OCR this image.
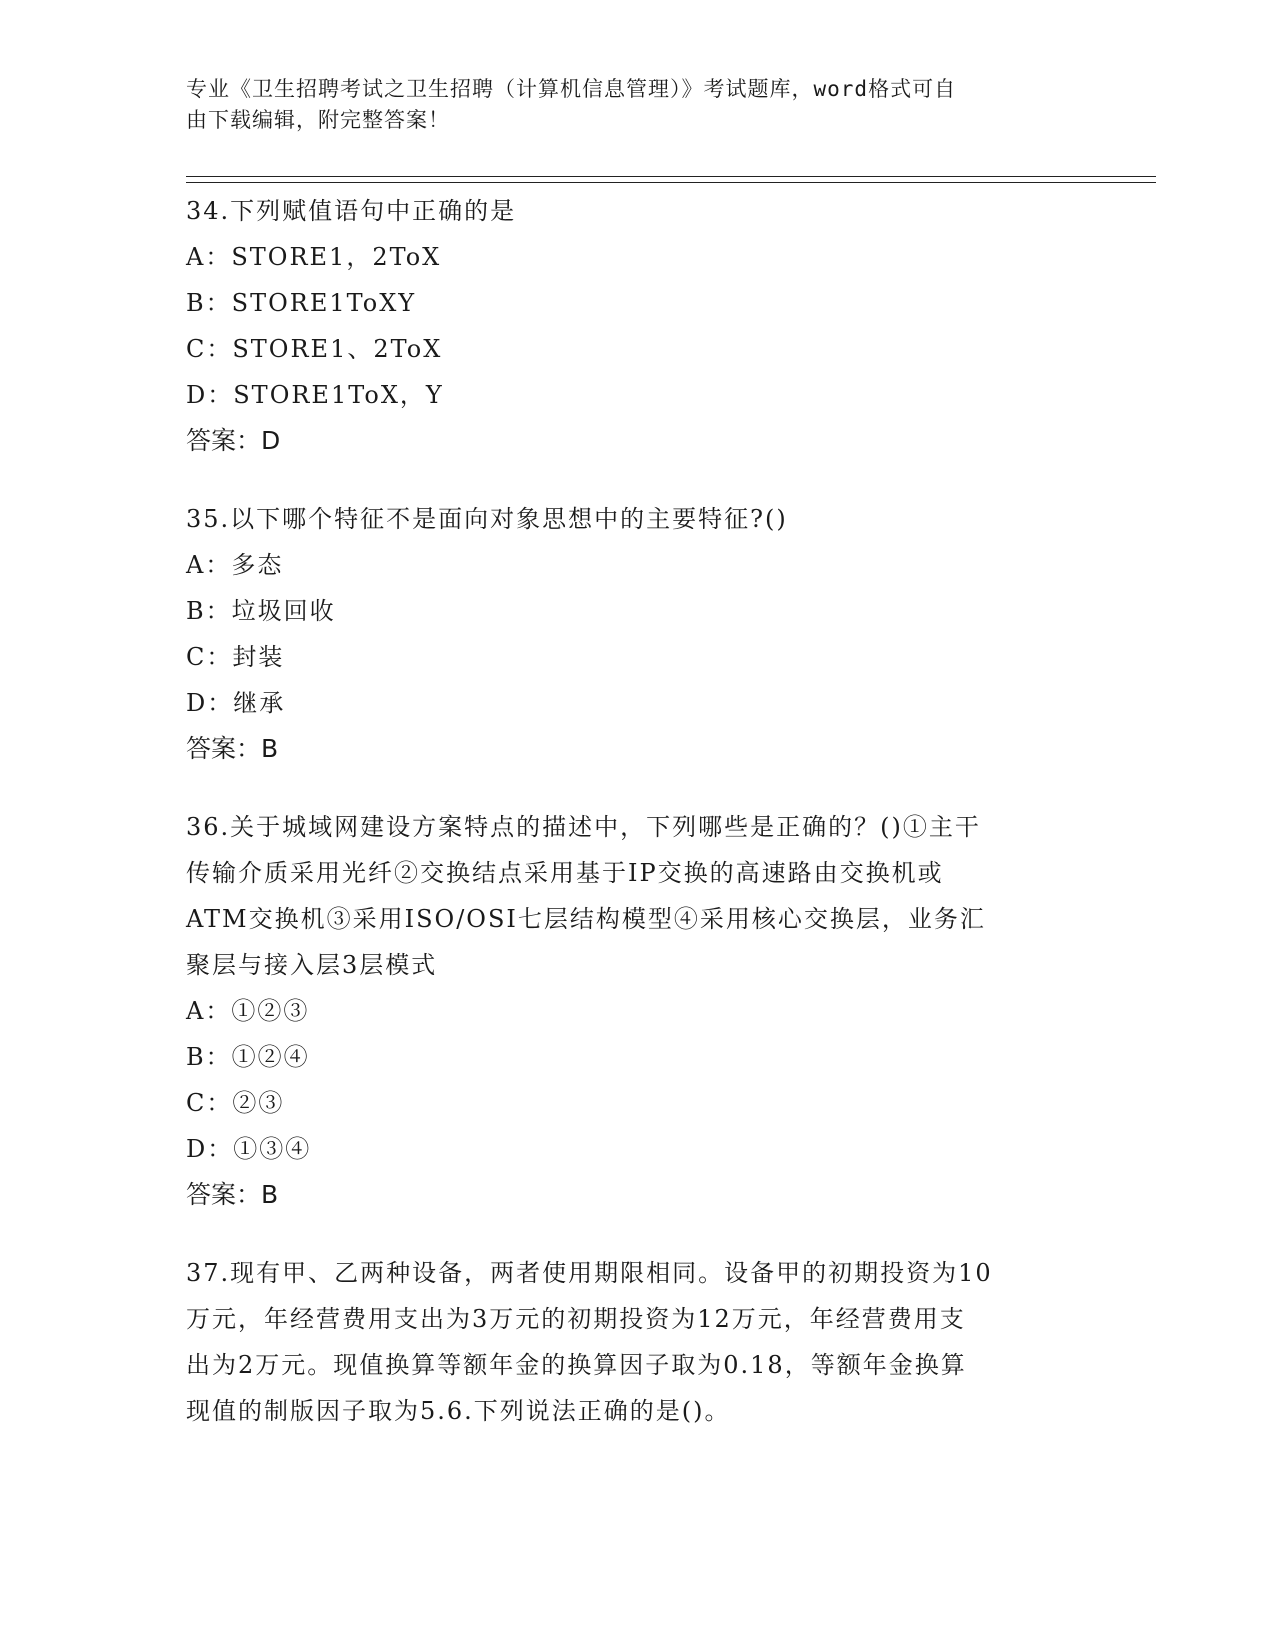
专业《卫生招聘考试之卫生招聘（计算机信息管理）》考试题库，word格式可自
由下载编辑，附完整答案！

34.下列赋值语句中正确的是

A：STORE1，2ToX

B：STORE1ToXY

C：STORE1、2ToX

D：STORE1ToX，Y

答案：D

35.以下哪个特征不是面向对象思想中的主要特征?()

A：多态

B：垃圾回收

C：封装

D：继承

答案：B

36.关于城域网建设方案特点的描述中，下列哪些是正确的？()①主干

传输介质采用光纤②交换结点采用基于IP交换的高速路由交换机或

ATM交换机③采用ISO/OSI七层结构模型④采用核心交换层，业务汇

聚层与接入层3层模式

A：①②③

B：①②④

C：②③

D：①③④

答案：B

37.现有甲、乙两种设备，两者使用期限相同。设备甲的初期投资为10

万元，年经营费用支出为3万元的初期投资为12万元，年经营费用支

出为2万元。现值换算等额年金的换算因子取为0.18，等额年金换算

现值的制版因子取为5.6.下列说法正确的是()。
